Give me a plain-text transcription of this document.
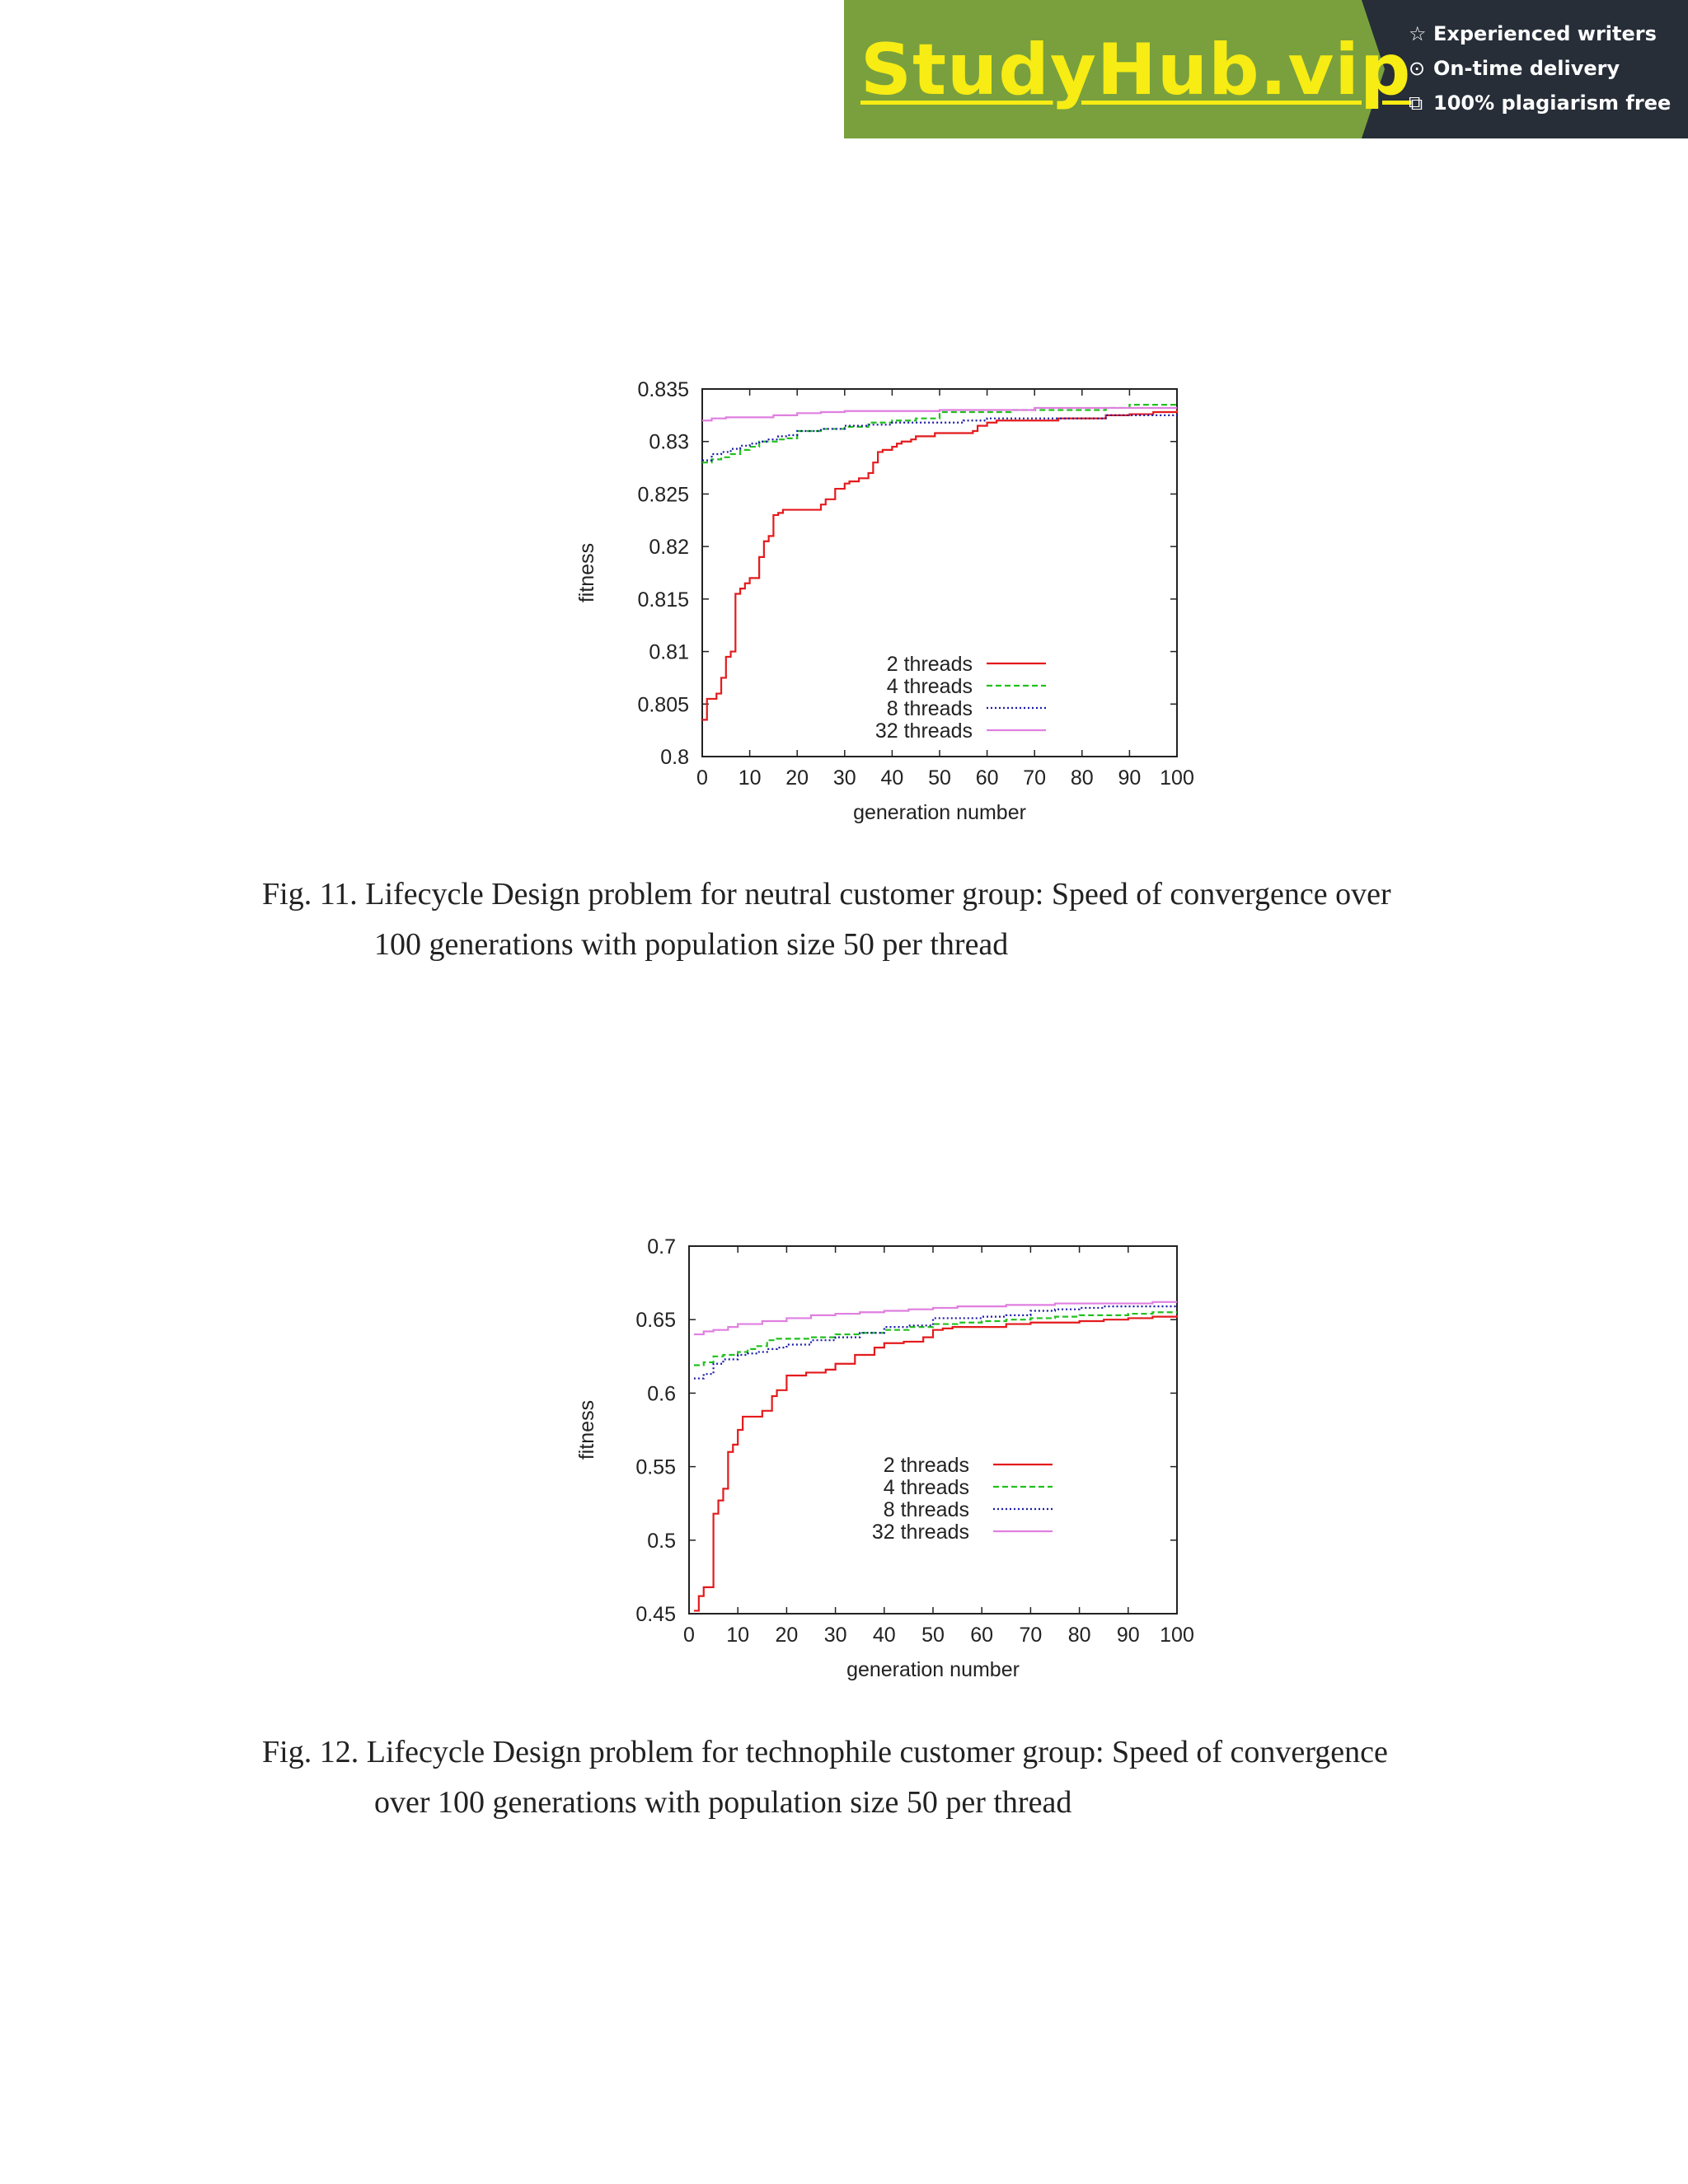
StudyHub.vip
☆ Experienced writers
⊙ On-time delivery
⧉ 100% plagiarism free
0 10 20 30 40 50 60 70 80 90 100
0.8
0.805
0.81
0.815
0.82
0.825
0.83
0.835
generation number
fitness
2 threads
4 threads
8 threads
32 threads
Fig. 11. Lifecycle Design problem for neutral customer group: Speed of convergence over
100 generations with population size 50 per thread
0 10 20 30 40 50 60 70 80 90 100
0.45
0.5
0.55
0.6
0.65
0.7
generation number
fitness
2 threads
4 threads
8 threads
32 threads
Fig. 12. Lifecycle Design problem for technophile customer group: Speed of convergence
over 100 generations with population size 50 per thread
